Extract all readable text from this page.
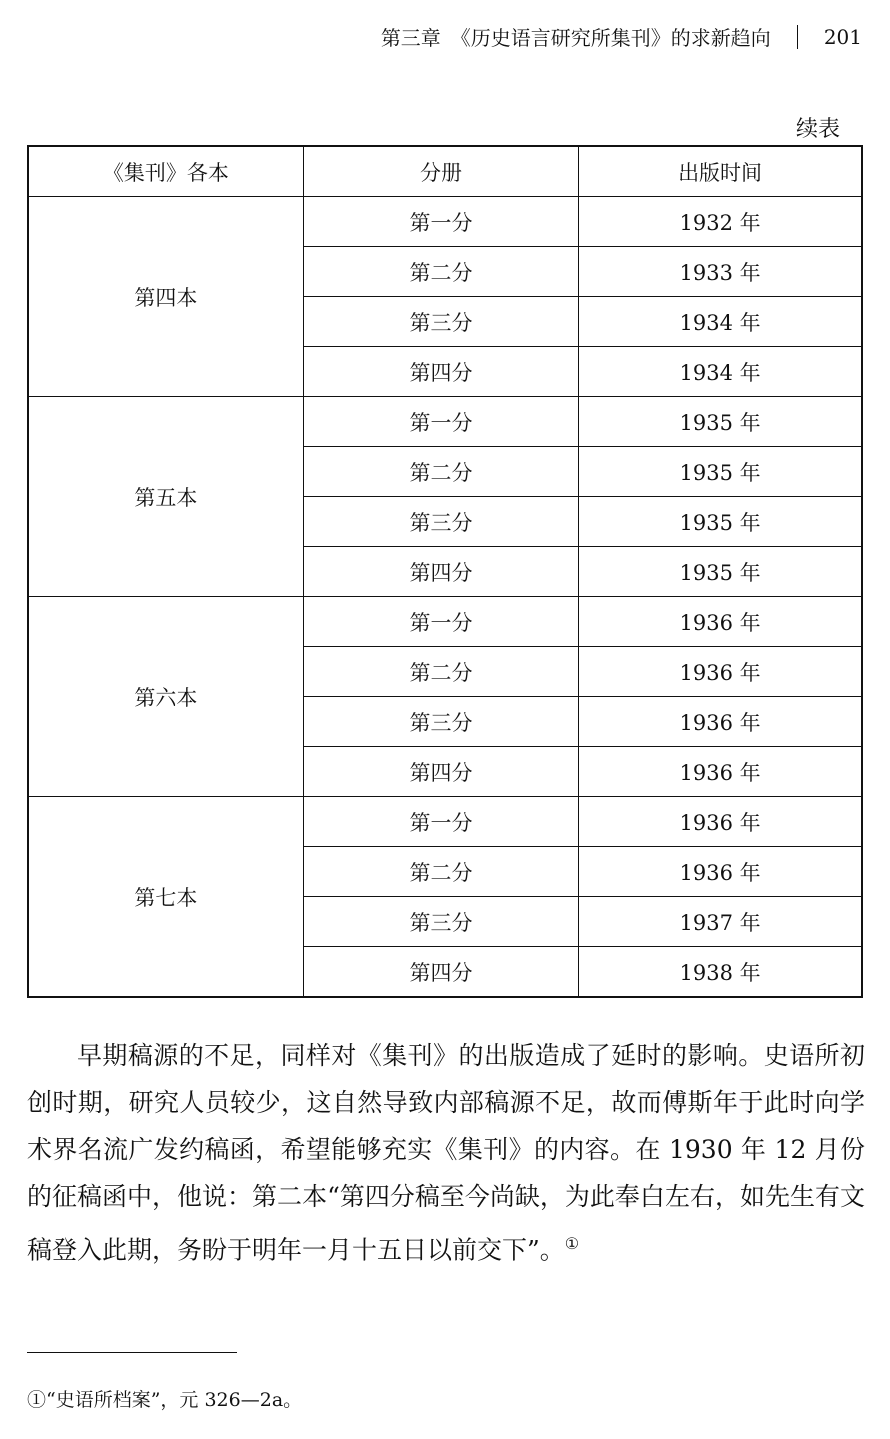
第三章　《历史语言研究所集刊》的求新趋向	201
续表
《集刊》各本	分册	出版时间
第四本	第一分	1932 年
	第二分	1933 年
	第三分	1934 年
	第四分	1934 年
第五本	第一分	1935 年
	第二分	1935 年
	第三分	1935 年
	第四分	1935 年
第六本	第一分	1936 年
	第二分	1936 年
	第三分	1936 年
	第四分	1936 年
第七本	第一分	1936 年
	第二分	1936 年
	第三分	1937 年
	第四分	1938 年

早期稿源的不足，同样对《集刊》的出版造成了延时的影响。史语所初创时期，研究人员较少，这自然导致内部稿源不足，故而傅斯年于此时向学术界名流广发约稿函，希望能够充实《集刊》的内容。在 1930 年 12 月份的征稿函中，他说：第二本“第四分稿至今尚缺，为此奉白左右，如先生有文稿登入此期，务盼于明年一月十五日以前交下”。①

①“史语所档案”，元 326—2a。
